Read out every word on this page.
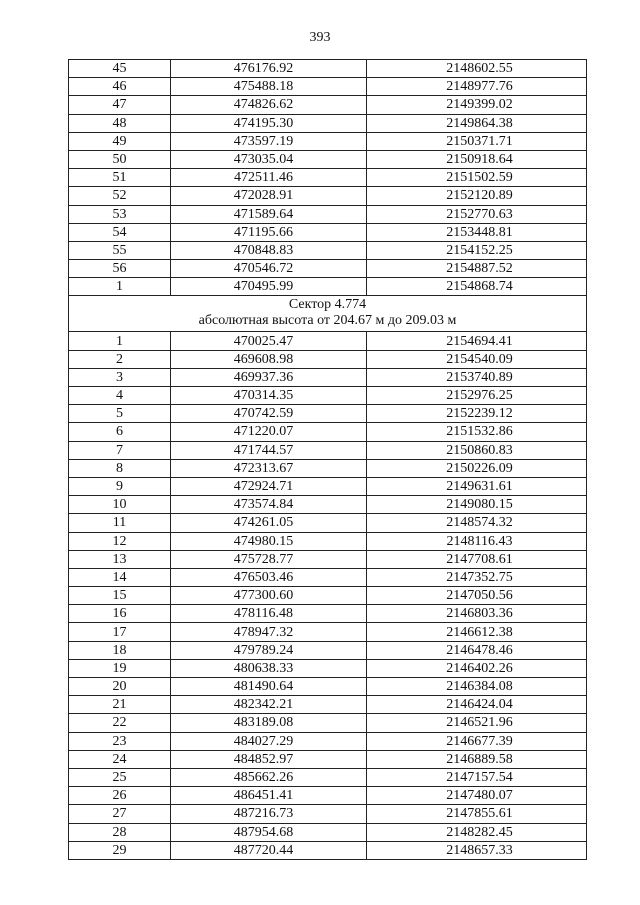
393
45	476176.92	2148602.55
46	475488.18	2148977.76
47	474826.62	2149399.02
48	474195.30	2149864.38
49	473597.19	2150371.71
50	473035.04	2150918.64
51	472511.46	2151502.59
52	472028.91	2152120.89
53	471589.64	2152770.63
54	471195.66	2153448.81
55	470848.83	2154152.25
56	470546.72	2154887.52
1	470495.99	2154868.74

Сектор 4.774
абсолютная высота от 204.67 м до 209.03 м		

1	470025.47	2154694.41
2	469608.98	2154540.09
3	469937.36	2153740.89
4	470314.35	2152976.25
5	470742.59	2152239.12
6	471220.07	2151532.86
7	471744.57	2150860.83
8	472313.67	2150226.09
9	472924.71	2149631.61
10	473574.84	2149080.15
11	474261.05	2148574.32
12	474980.15	2148116.43
13	475728.77	2147708.61
14	476503.46	2147352.75
15	477300.60	2147050.56
16	478116.48	2146803.36
17	478947.32	2146612.38
18	479789.24	2146478.46
19	480638.33	2146402.26
20	481490.64	2146384.08
21	482342.21	2146424.04
22	483189.08	2146521.96
23	484027.29	2146677.39
24	484852.97	2146889.58
25	485662.26	2147157.54
26	486451.41	2147480.07
27	487216.73	2147855.61
28	487954.68	2148282.45
29	487720.44	2148657.33
